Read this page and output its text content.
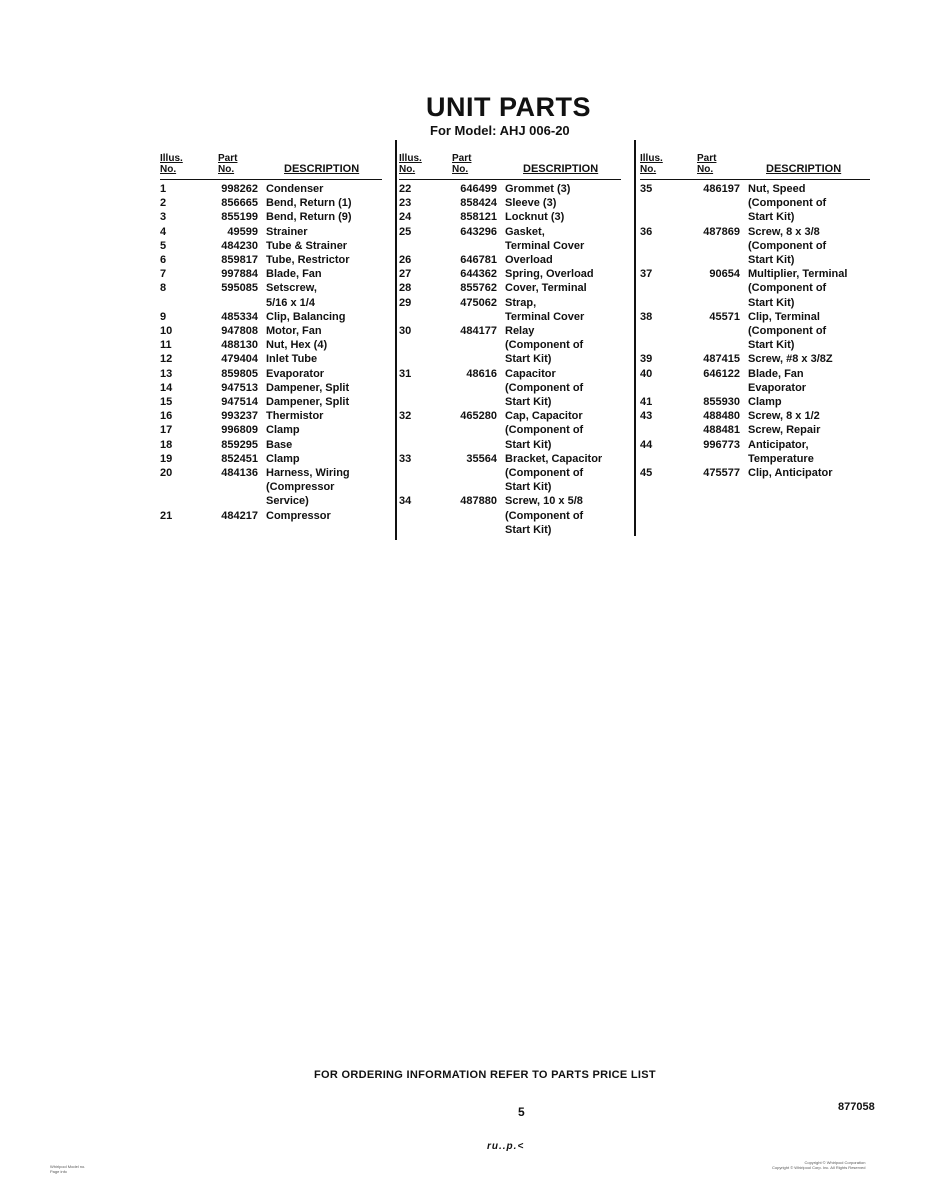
UNIT PARTS
For Model: AHJ 006-20
Illus.
No.
Part
No.	DESCRIPTION
1	998262 Condenser
2	856665 Bend, Return (1)
3	855199 Bend, Return (9)
4	49599 Strainer
5	484230 Tube & Strainer
6	859817 Tube, Restrictor
7	997884 Blade, Fan
8	595085 Setscrew,
5/16 x 1/4
9	485334 Clip, Balancing
10	947808 Motor, Fan
11	488130 Nut, Hex (4)
12	479404 Inlet Tube
13	859805 Evaporator
14	947513 Dampener, Split
15	947514 Dampener, Split
16	993237 Thermistor
17	996809 Clamp
18	859295 Base
19	852451 Clamp
20	484136 Harness, Wiring
(Compressor
Service)
21	484217 Compressor
Illus.
No.
Part
No.	DESCRIPTION
22	646499 Grommet (3)
23	858424 Sleeve (3)
24	858121 Locknut (3)
25	643296 Gasket,
Terminal Cover
26	646781 Overload
27	644362 Spring, Overload
28	855762 Cover, Terminal
29	475062 Strap,
Terminal Cover
30	484177 Relay
(Component of
Start Kit)
31	48616 Capacitor
(Component of
Start Kit)
32	465280 Cap, Capacitor
(Component of
Start Kit)
33	35564 Bracket, Capacitor
(Component of
Start Kit)
34	487880 Screw, 10 x 5/8
(Component of
Start Kit)
Illus.
No.
Part
No.	DESCRIPTION
35	486197 Nut, Speed
(Component of
Start Kit)
36	487869 Screw, 8 x 3/8
(Component of
Start Kit)
37	90654 Multiplier, Terminal
(Component of
Start Kit)
38	45571 Clip, Terminal
(Component of
Start Kit)
39	487415 Screw, #8 x 3/8Z
40	646122 Blade, Fan
Evaporator
41	855930 Clamp
43	488480 Screw, 8 x 1/2
488481 Screw, Repair
44	996773 Anticipator,
Temperature
45	475577 Clip, Anticipator

FOR ORDERING INFORMATION REFER TO PARTS PRICE LIST

5	877058
ru..p.<
Whirlpool Model no.
Page info
Copyright © Whirlpool Corporation
Copyright © Whirlpool Corp. Inc. All Rights Reserved
